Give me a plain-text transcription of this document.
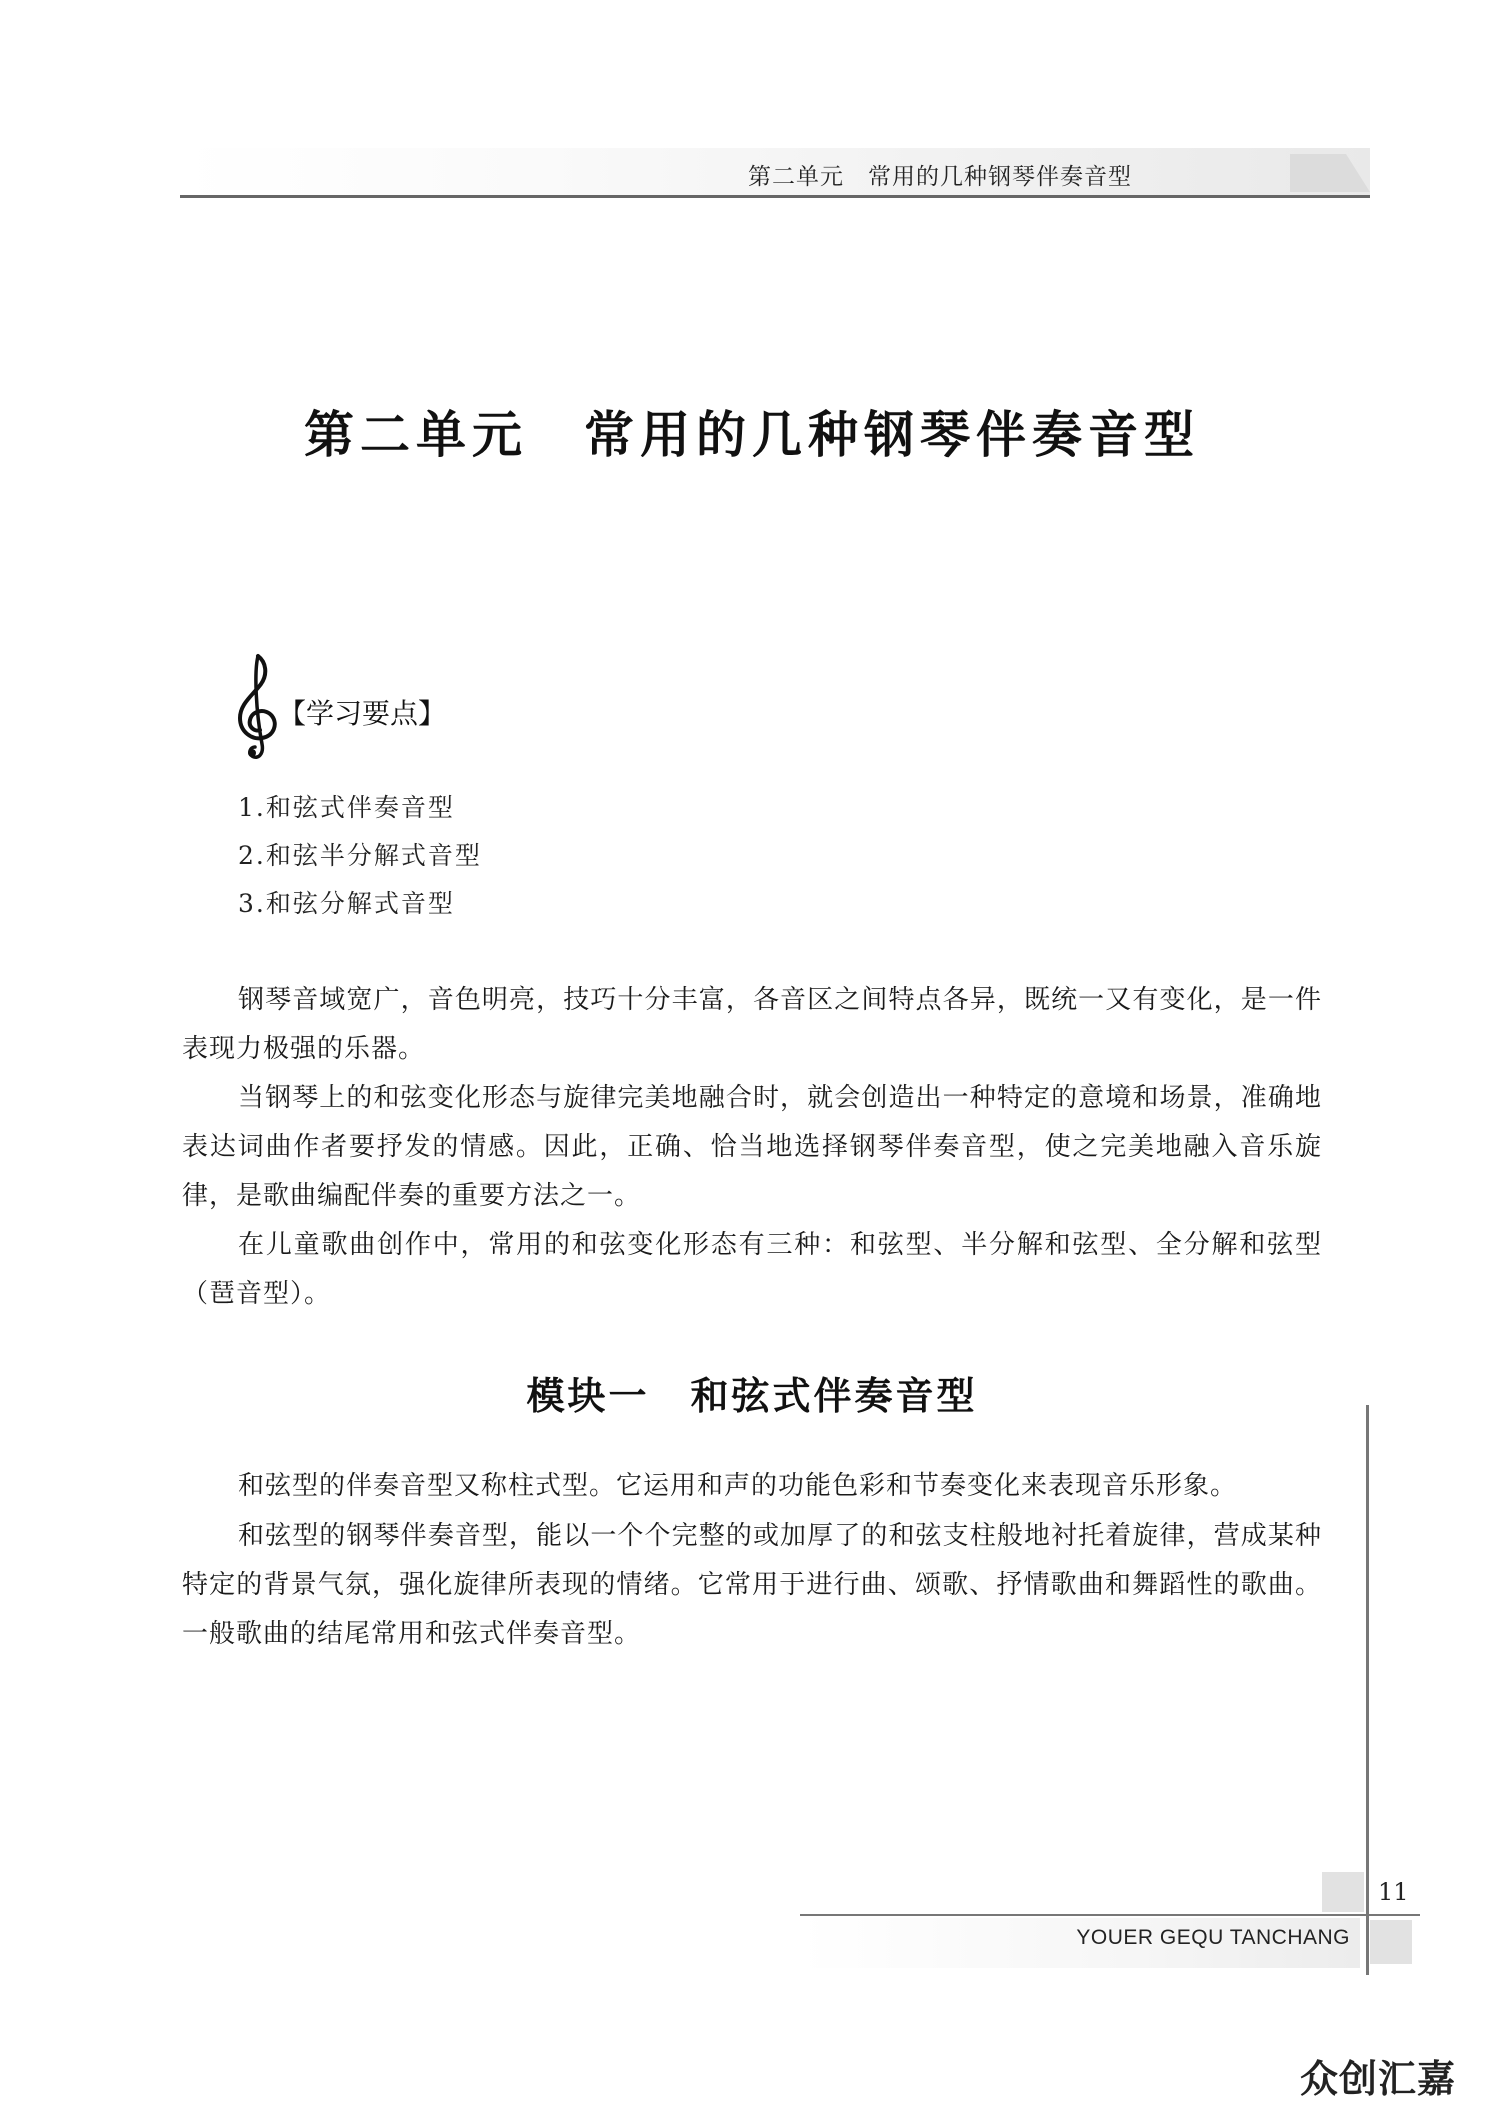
第二单元　常用的几种钢琴伴奏音型
第二单元　常用的几种钢琴伴奏音型
【学习要点】
1.和弦式伴奏音型
2.和弦半分解式音型
3.和弦分解式音型

钢琴音域宽广，音色明亮，技巧十分丰富，各音区之间特点各异，既统一又有变化，是一件表现力极强的乐器。

当钢琴上的和弦变化形态与旋律完美地融合时，就会创造出一种特定的意境和场景，准确地表达词曲作者要抒发的情感。因此，正确、恰当地选择钢琴伴奏音型，使之完美地融入音乐旋律，是歌曲编配伴奏的重要方法之一。

在儿童歌曲创作中，常用的和弦变化形态有三种：和弦型、半分解和弦型、全分解和弦型（琶音型）。

模块一　和弦式伴奏音型

和弦型的伴奏音型又称柱式型。它运用和声的功能色彩和节奏变化来表现音乐形象。

和弦型的钢琴伴奏音型，能以一个个完整的或加厚了的和弦支柱般地衬托着旋律，营成某种特定的背景气氛，强化旋律所表现的情绪。它常用于进行曲、颂歌、抒情歌曲和舞蹈性的歌曲。一般歌曲的结尾常用和弦式伴奏音型。

11
YOUER GEQU TANCHANG
众创汇嘉
